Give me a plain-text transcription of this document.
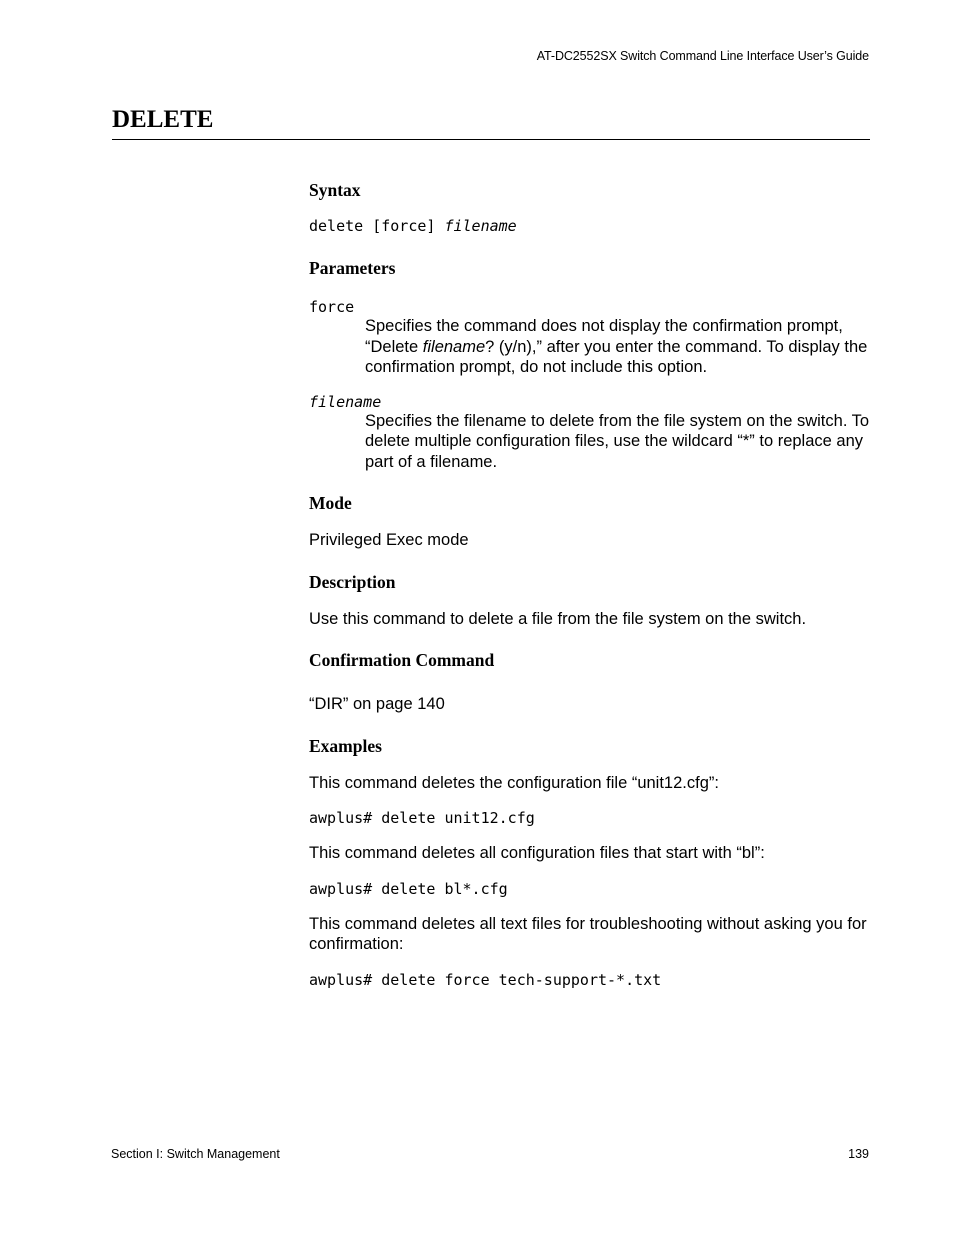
AT-DC2552SX Switch Command Line Interface User’s Guide
DELETE
Syntax
delete [force] filename
Parameters
force
Specifies the command does not display the confirmation prompt, “Delete filename? (y/n),” after you enter the command. To display the confirmation prompt, do not include this option.
filename
Specifies the filename to delete from the file system on the switch. To delete multiple configuration files, use the wildcard “*” to replace any part of a filename.
Mode
Privileged Exec mode
Description
Use this command to delete a file from the file system on the switch.
Confirmation Command
“DIR” on page 140
Examples
This command deletes the configuration file “unit12.cfg”:
awplus# delete unit12.cfg
This command deletes all configuration files that start with “bl”:
awplus# delete bl*.cfg
This command deletes all text files for troubleshooting without asking you for confirmation:
awplus# delete force tech-support-*.txt
Section I: Switch Management	139
